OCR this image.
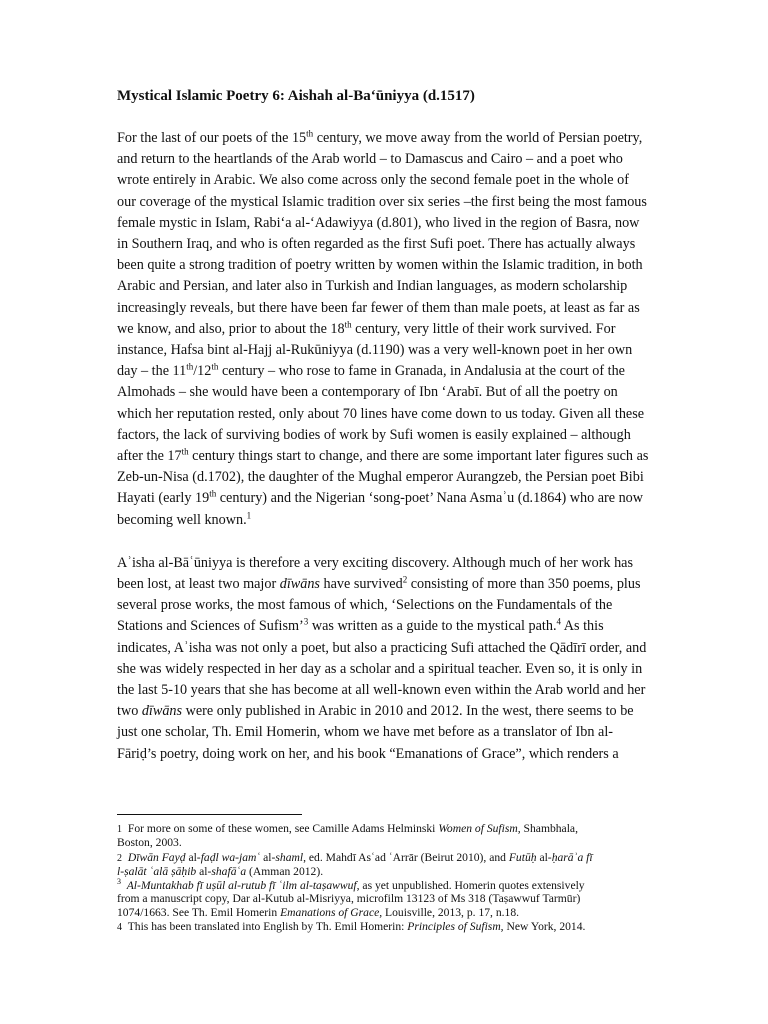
Mystical Islamic Poetry 6: Aishah al-Ba‘ūniyya (d.1517)
For the last of our poets of the 15th century, we move away from the world of Persian poetry,
and return to the heartlands of the Arab world – to Damascus and Cairo – and a poet who
wrote entirely in Arabic. We also come across only the second female poet in the whole of
our coverage of the mystical Islamic tradition over six series –the first being the most famous
female mystic in Islam, Rabi‘a al-‘Adawiyya (d.801), who lived in the region of Basra, now
in Southern Iraq, and who is often regarded as the first Sufi poet. There has actually always
been quite a strong tradition of poetry written by women within the Islamic tradition, in both
Arabic and Persian, and later also in Turkish and Indian languages, as modern scholarship
increasingly reveals, but there have been far fewer of them than male poets, at least as far as
we know, and also, prior to about the 18th century, very little of their work survived. For
instance, Hafsa bint al-Hajj al-Rukūniyya (d.1190) was a very well-known poet in her own
day – the 11th/12th century – who rose to fame in Granada, in Andalusia at the court of the
Almohads – she would have been a contemporary of Ibn ‘Arabī. But of all the poetry on
which her reputation rested, only about 70 lines have come down to us today. Given all these
factors, the lack of surviving bodies of work by Sufi women is easily explained – although
after the 17th century things start to change, and there are some important later figures such as
Zeb-un-Nisa (d.1702), the daughter of the Mughal emperor Aurangzeb, the Persian poet Bibi
Hayati (early 19th century) and the Nigerian ‘song-poet’ Nana Asmaʾu (d.1864) who are now
becoming well known.$^1$
Aʾisha al-Bāʿūniyya is therefore a very exciting discovery. Although much of her work has
been lost, at least two major dīwāns have survived$^2$ consisting of more than 350 poems, plus
several prose works, the most famous of which, ‘Selections on the Fundamentals of the
Stations and Sciences of Sufism’$^3$ was written as a guide to the mystical path.$^4$ As this
indicates, Aʾisha was not only a poet, but also a practicing Sufi attached the Qādīrī order, and
she was widely respected in her day as a scholar and a spiritual teacher. Even so, it is only in
the last 5-10 years that she has become at all well-known even within the Arab world and her
two dīwāns were only published in Arabic in 2010 and 2012. In the west, there seems to be
just one scholar, Th. Emil Homerin, whom we have met before as a translator of Ibn al-
Fāriḍ’s poetry, doing work on her, and his book “Emanations of Grace”, which renders a
1 For more on some of these women, see Camille Adams Helminski Women of Sufism, Shambhala,
Boston, 2003.
2 Dīwān Fayḍ al-faḍl wa-jamʿ al-shaml, ed. Mahdī Asʿad ʿArrār (Beirut 2010), and Futūḥ al-ḥarāʾa fī
l-ṣalāt ʿalā ṣāḥib al-shafāʿa (Amman 2012).
$^3$ Al-Muntakhab fī uṣūl al-rutub fī ʿilm al-taṣawwuf, as yet unpublished. Homerin quotes extensively
from a manuscript copy, Dar al-Kutub al-Misriyya, microfilm 13123 of Ms 318 (Taṣawwuf Tarmūr)
1074/1663. See Th. Emil Homerin Emanations of Grace, Louisville, 2013, p. 17, n.18.
4 This has been translated into English by Th. Emil Homerin: Principles of Sufism, New York, 2014.
